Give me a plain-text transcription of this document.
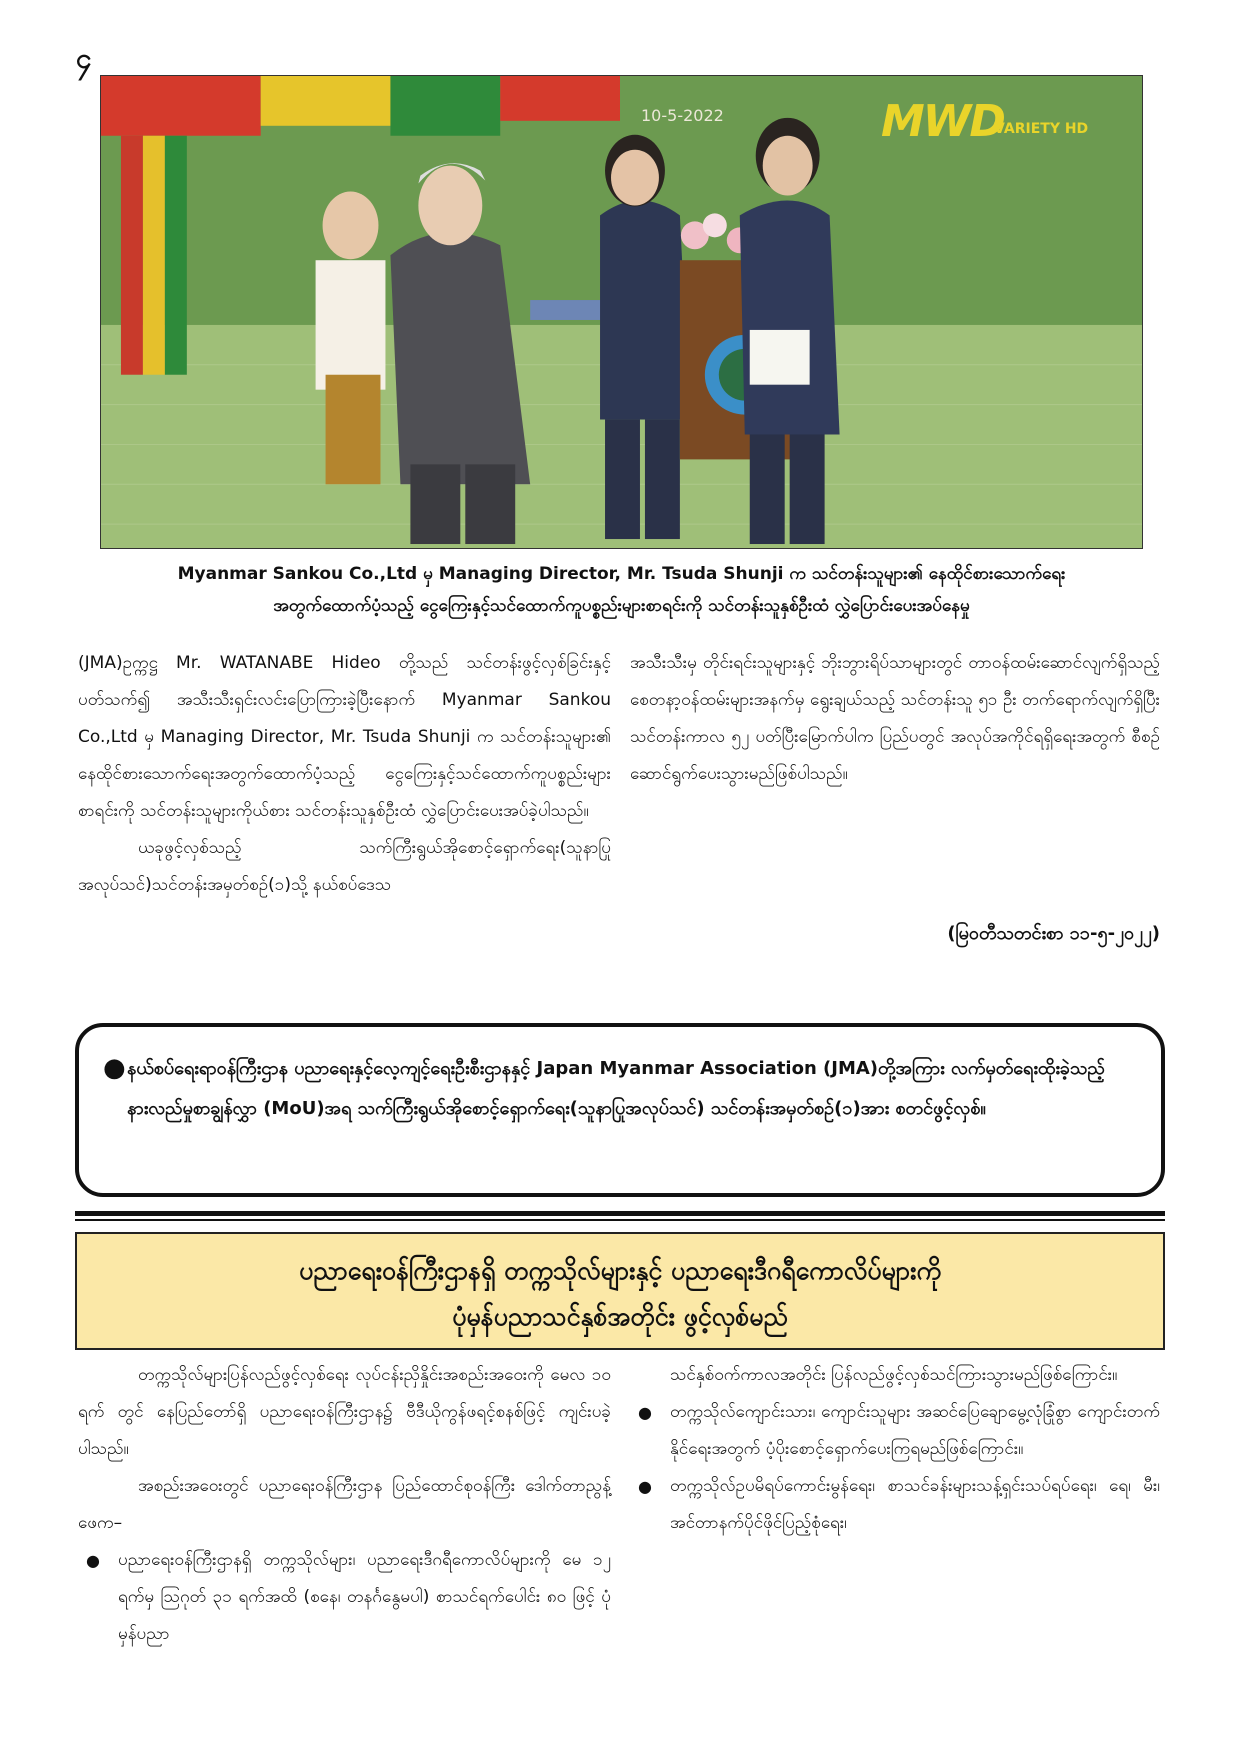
၄
10-5-2022	MWD
VARIETY HD
Myanmar Sankou Co.,Ltd မှ Managing Director, Mr. Tsuda Shunji က သင်တန်းသူများ၏ နေထိုင်စားသောက်ရေး
အတွက်ထောက်ပံ့သည့် ငွေကြေးနှင့်သင်ထောက်ကူပစ္စည်းများစာရင်းကို သင်တန်းသူနှစ်ဦးထံ လွှဲပြောင်းပေးအပ်နေမှု

(JMA)ဥက္ကဋ္ဌ Mr. WATANABE Hideo တို့သည် သင်တန်းဖွင့်လှစ်ခြင်းနှင့်ပတ်သက်၍ အသီးသီးရှင်းလင်းပြောကြားခဲ့ပြီးနောက် Myanmar Sankou Co.,Ltd မှ Managing Director, Mr. Tsuda Shunji က သင်တန်းသူများ၏ နေထိုင်စားသောက်ရေးအတွက်ထောက်ပံ့သည့် ငွေကြေးနှင့်သင်ထောက်ကူပစ္စည်းများစာရင်းကို သင်တန်းသူများကိုယ်စား သင်တန်းသူနှစ်ဦးထံ လွှဲပြောင်းပေးအပ်ခဲ့ပါသည်။

ယခုဖွင့်လှစ်သည့် သက်ကြီးရွယ်အိုစောင့်ရှောက်ရေး(သူနာပြုအလုပ်သင်)သင်တန်းအမှတ်စဉ်(၁)သို့ နယ်စပ်ဒေသ

အသီးသီးမှ တိုင်းရင်းသူများနှင့် ဘိုးဘွားရိပ်သာများတွင် တာဝန်ထမ်းဆောင်လျက်ရှိသည့် စေတနာ့ဝန်ထမ်းများအနက်မှ ရွေးချယ်သည့် သင်တန်းသူ ၅၁ ဦး တက်ရောက်လျက်ရှိပြီး သင်တန်းကာလ ၅၂ ပတ်ပြီးမြောက်ပါက ပြည်ပတွင် အလုပ်အကိုင်ရရှိရေးအတွက် စီစဉ်ဆောင်ရွက်ပေးသွားမည်ဖြစ်ပါသည်။

(မြဝတီသတင်းစာ ၁၁-၅-၂၀၂၂)
● နယ်စပ်ရေးရာဝန်ကြီးဌာန ပညာရေးနှင့်လေ့ကျင့်ရေးဦးစီးဌာနနှင့် Japan Myanmar Association (JMA)တို့အကြား လက်မှတ်ရေးထိုးခဲ့သည့် နားလည်မှုစာချွန်လွှာ (MoU)အရ သက်ကြီးရွယ်အိုစောင့်ရှောက်ရေး(သူနာပြုအလုပ်သင်) သင်တန်းအမှတ်စဉ်(၁)အား စတင်ဖွင့်လှစ်။
ပညာရေးဝန်ကြီးဌာနရှိ တက္ကသိုလ်များနှင့် ပညာရေးဒီဂရီကောလိပ်များကို
ပုံမှန်ပညာသင်နှစ်အတိုင်း ဖွင့်လှစ်မည်

တက္ကသိုလ်များပြန်လည်ဖွင့်လှစ်ရေး လုပ်ငန်းညှိနှိုင်းအစည်းအဝေးကို မေလ ၁၀ ရက် တွင် နေပြည်တော်ရှိ ပညာရေးဝန်ကြီးဌာန၌ ဗီဒီယိုကွန်ဖရင့်စနစ်ဖြင့် ကျင်းပခဲ့ပါသည်။

အစည်းအဝေးတွင် ပညာရေးဝန်ကြီးဌာန ပြည်ထောင်စုဝန်ကြီး ဒေါက်တာညွန့်ဖေက–

● ပညာရေးဝန်ကြီးဌာနရှိ တက္ကသိုလ်များ၊ ပညာရေးဒီဂရီကောလိပ်များကို မေ ၁၂ ရက်မှ ဩဂုတ် ၃၁ ရက်အထိ (စနေ၊ တနင်္ဂနွေမပါ) စာသင်ရက်ပေါင်း ၈၀ ဖြင့် ပုံမှန်ပညာ

သင်နှစ်ဝက်ကာလအတိုင်း ပြန်လည်ဖွင့်လှစ်သင်ကြားသွားမည်ဖြစ်ကြောင်း။

● တက္ကသိုလ်ကျောင်းသား၊ ကျောင်းသူများ အဆင်ပြေချောမွေ့လုံခြုံစွာ ကျောင်းတက်နိုင်ရေးအတွက် ပံ့ပိုးစောင့်ရှောက်ပေးကြရမည်ဖြစ်ကြောင်း။
● တက္ကသိုလ်ဥပမိရပ်ကောင်းမွန်ရေး၊ စာသင်ခန်းများသန့်ရှင်းသပ်ရပ်ရေး၊ ရေ၊ မီး၊ အင်တာနက်ပိုင်ဖိုင်ပြည့်စုံရေး၊
